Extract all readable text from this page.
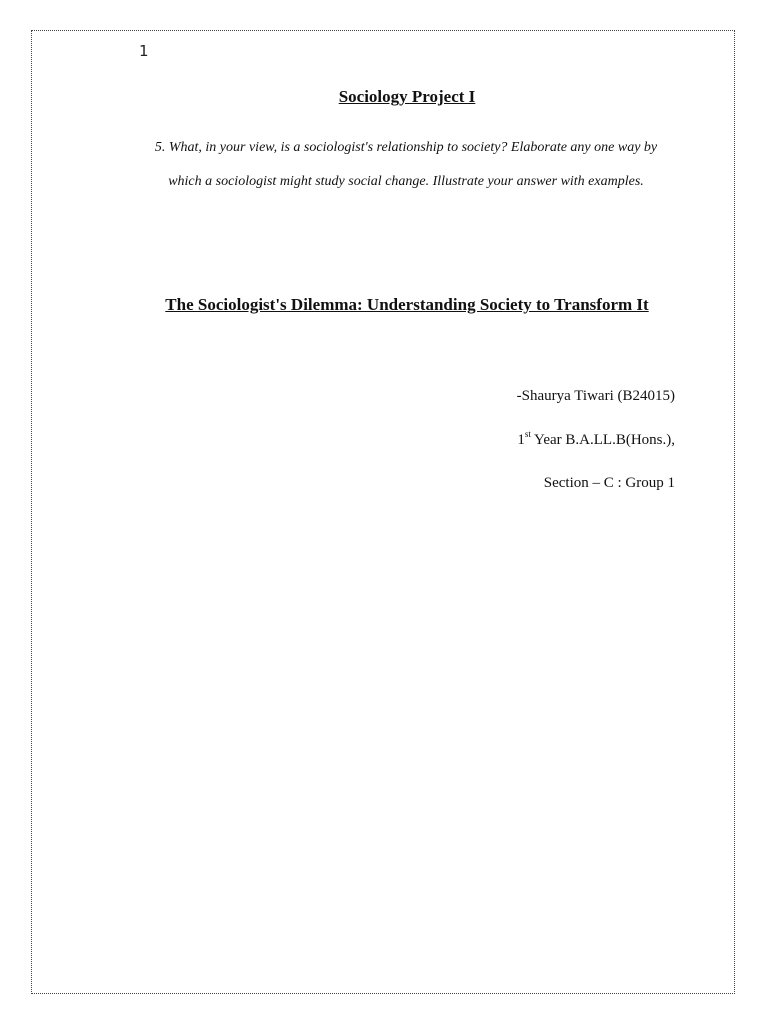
1
Sociology Project I
5. What, in your view, is a sociologist's relationship to society? Elaborate any one way by which a sociologist might study social change. Illustrate your answer with examples.
The Sociologist's Dilemma: Understanding Society to Transform It
-Shaurya Tiwari (B24015)
1st Year B.A.LL.B(Hons.),
Section – C : Group 1
